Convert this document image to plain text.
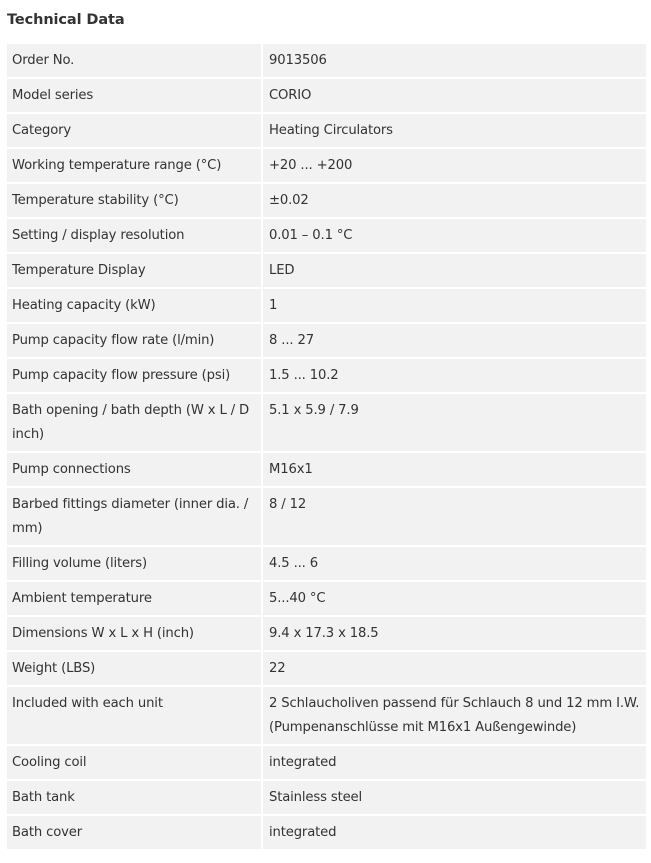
Technical Data
Order No.	9013506
Model series	CORIO
Category	Heating Circulators
Working temperature range (°C)	+20 ... +200
Temperature stability (°C)	±0.02
Setting / display resolution	0.01 – 0.1 °C
Temperature Display	LED
Heating capacity (kW)	1
Pump capacity flow rate (l/min)	8 ... 27
Pump capacity flow pressure (psi)	1.5 ... 10.2
Bath opening / bath depth (W x L / D inch)	5.1 x 5.9 / 7.9
Pump connections	M16x1
Barbed fittings diameter (inner dia. / mm)	8 / 12
Filling volume (liters)	4.5 ... 6
Ambient temperature	5...40 °C
Dimensions W x L x H (inch)	9.4 x 17.3 x 18.5
Weight (LBS)	22
Included with each unit	2 Schlaucholiven passend für Schlauch 8 und 12 mm I.W. (Pumpenanschlüsse mit M16x1 Außengewinde)
Cooling coil	integrated
Bath tank	Stainless steel
Bath cover	integrated
